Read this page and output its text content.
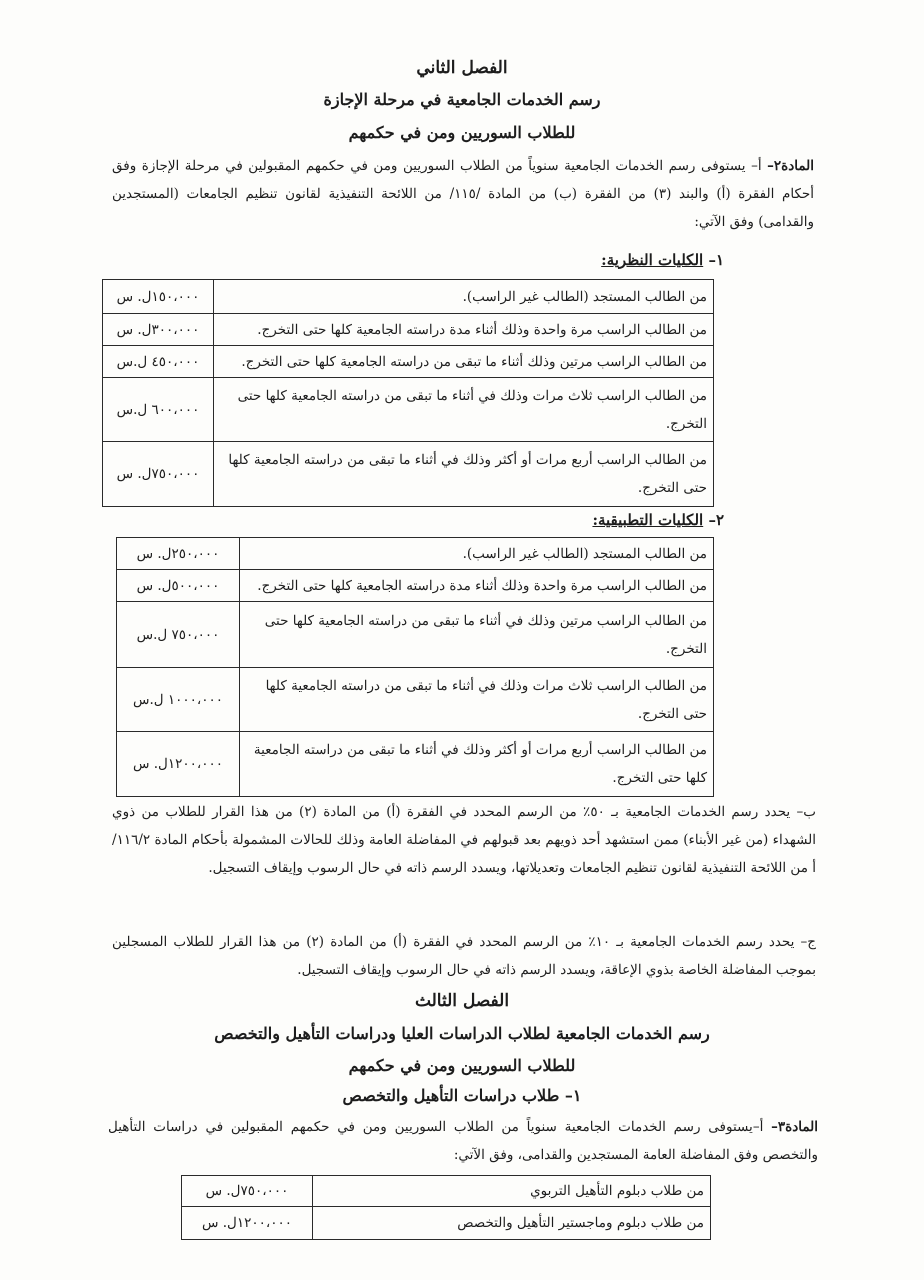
الفصل الثاني
رسم الخدمات الجامعية في مرحلة الإجازة
للطلاب السوريين ومن في حكمهم

المادة٢– أ– يستوفى رسم الخدمات الجامعية سنوياً من الطلاب السوريين ومن في حكمهم المقبولين في مرحلة الإجازة وفق أحكام الفقرة (أ) والبند (٣) من الفقرة (ب) من المادة /١١٥/ من اللائحة التنفيذية لقانون تنظيم الجامعات (المستجدين والقدامى) وفق الآتي:

١– الكليات النظرية:
من الطالب المستجد (الطالب غير الراسب).	١٥٠،٠٠٠ل. س
من الطالب الراسب مرة واحدة وذلك أثناء مدة دراسته الجامعية كلها حتى التخرج.	٣٠٠،٠٠٠ل. س
من الطالب الراسب مرتين وذلك أثناء ما تبقى من دراسته الجامعية كلها حتى التخرج.	٤٥٠،٠٠٠ ل.س
من الطالب الراسب ثلاث مرات وذلك في أثناء ما تبقى من دراسته الجامعية كلها حتى التخرج.	٦٠٠،٠٠٠ ل.س
من الطالب الراسب أربع مرات أو أكثر وذلك في أثناء ما تبقى من دراسته الجامعية كلها حتى التخرج.	٧٥٠،٠٠٠ل. س
٢– الكليات التطبيقية:
من الطالب المستجد (الطالب غير الراسب).	٢٥٠،٠٠٠ل. س
من الطالب الراسب مرة واحدة وذلك أثناء مدة دراسته الجامعية كلها حتى التخرج.	٥٠٠،٠٠٠ل. س
من الطالب الراسب مرتين وذلك في أثناء ما تبقى من دراسته الجامعية كلها حتى التخرج.	٧٥٠،٠٠٠ ل.س
من الطالب الراسب ثلاث مرات وذلك في أثناء ما تبقى من دراسته الجامعية كلها حتى التخرج.	١٠٠٠،٠٠٠ ل.س
من الطالب الراسب أربع مرات أو أكثر وذلك في أثناء ما تبقى من دراسته الجامعية كلها حتى التخرج.	١٢٠٠،٠٠٠ل. س

ب– يحدد رسم الخدمات الجامعية بـ ٥٠٪ من الرسم المحدد في الفقرة (أ) من المادة (٢) من هذا القرار للطلاب من ذوي الشهداء (من غير الأبناء) ممن استشهد أحد ذويهم بعد قبولهم في المفاضلة العامة وذلك للحالات المشمولة بأحكام المادة ١١٦/٢/أ من اللائحة التنفيذية لقانون تنظيم الجامعات وتعديلاتها، ويسدد الرسم ذاته في حال الرسوب وإيقاف التسجيل.

ج– يحدد رسم الخدمات الجامعية بـ ١٠٪ من الرسم المحدد في الفقرة (أ) من المادة (٢) من هذا القرار للطلاب المسجلين بموجب المفاضلة الخاصة بذوي الإعاقة، ويسدد الرسم ذاته في حال الرسوب وإيقاف التسجيل.

الفصل الثالث
رسم الخدمات الجامعية لطلاب الدراسات العليا ودراسات التأهيل والتخصص
للطلاب السوريين ومن في حكمهم
١– طلاب دراسات التأهيل والتخصص

المادة٣– أ–يستوفى رسم الخدمات الجامعية سنوياً من الطلاب السوريين ومن في حكمهم المقبولين في دراسات التأهيل والتخصص وفق المفاضلة العامة المستجدين والقدامى، وفق الآتي:

من طلاب دبلوم التأهيل التربوي	٧٥٠،٠٠٠ل. س
من طلاب دبلوم وماجستير التأهيل والتخصص	١٢٠٠،٠٠٠ل. س
